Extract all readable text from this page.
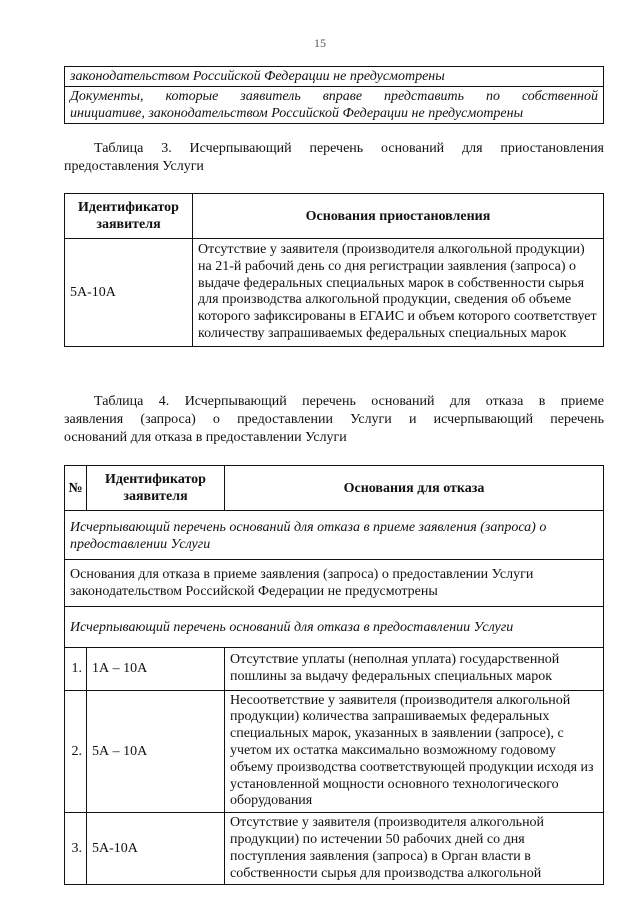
15
законодательством Российской Федерации не предусмотрены
Документы, которые заявитель вправе представить по собственной

инициативе, законодательством Российской Федерации не предусмотрены
Таблица 3. Исчерпывающий перечень оснований для приостановления
предоставления Услуги
Идентификатор заявителя	Основания приостановления
5А-10А	Отсутствие у заявителя (производителя алкогольной продукции) на 21-й рабочий день со дня регистрации заявления (запроса) о выдаче федеральных специальных марок в собственности сырья для производства алкогольной продукции, сведения об объеме которого зафиксированы в ЕГАИС и объем которого соответствует количеству запрашиваемых федеральных специальных марок
Таблица 4. Исчерпывающий перечень оснований для отказа в приеме
заявления (запроса) о предоставлении Услуги и исчерпывающий перечень
оснований для отказа в предоставлении Услуги
№	Идентификатор заявителя	Основания для отказа
Исчерпывающий перечень оснований для отказа в приеме заявления (запроса) о предоставлении Услуги		
Основания для отказа в приеме заявления (запроса) о предоставлении Услуги законодательством Российской Федерации не предусмотрены		
Исчерпывающий перечень оснований для отказа в предоставлении Услуги		
1.	1А – 10А	Отсутствие уплаты (неполная уплата) государственной пошлины за выдачу федеральных специальных марок
2.	5А – 10А	Несоответствие у заявителя (производителя алкогольной продукции) количества запрашиваемых федеральных специальных марок, указанных в заявлении (запросе), с учетом их остатка максимально возможному годовому объему производства соответствующей продукции исходя из установленной мощности основного технологического оборудования
3.	5А-10А	Отсутствие у заявителя (производителя алкогольной продукции) по истечении 50 рабочих дней со дня поступления заявления (запроса) в Орган власти в собственности сырья для производства алкогольной
